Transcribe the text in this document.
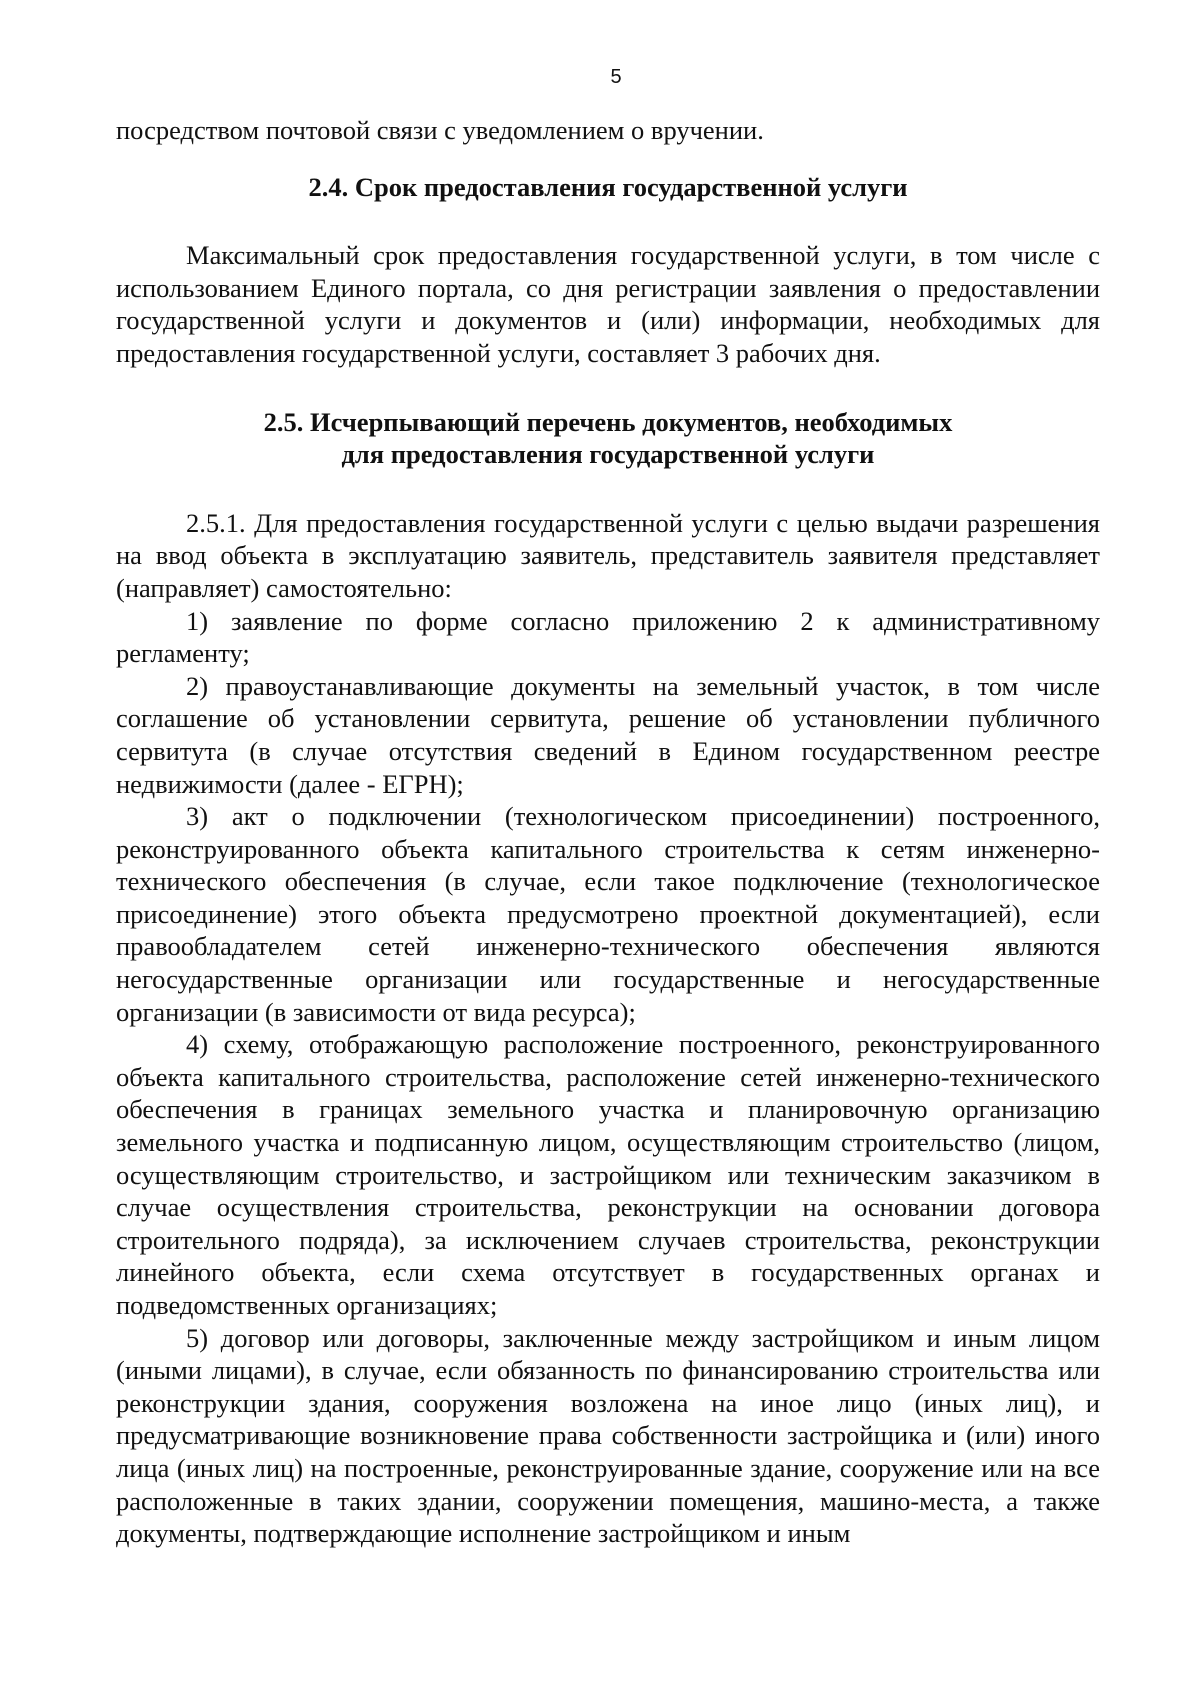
5

посредством почтовой связи с уведомлением о вручении.

2.4. Срок предоставления государственной услуги

Максимальный срок предоставления государственной услуги, в том числе с использованием Единого портала, со дня регистрации заявления о предоставлении государственной услуги и документов и (или) информации, необходимых для предоставления государственной услуги, составляет 3 рабочих дня.

2.5. Исчерпывающий перечень документов, необходимых

для предоставления государственной услуги

2.5.1. Для предоставления государственной услуги с целью выдачи разрешения на ввод объекта в эксплуатацию заявитель, представитель заявителя представляет (направляет) самостоятельно:

1) заявление по форме согласно приложению 2 к административному регламенту;

2) правоустанавливающие документы на земельный участок, в том числе соглашение об установлении сервитута, решение об установлении публичного сервитута (в случае отсутствия сведений в Едином государственном реестре недвижимости (далее - ЕГРН);

3) акт о подключении (технологическом присоединении) построенного, реконструированного объекта капитального строительства к сетям инженерно-технического обеспечения (в случае, если такое подключение (технологическое присоединение) этого объекта предусмотрено проектной документацией), если правообладателем сетей инженерно-технического обеспечения являются негосударственные организации или государственные и негосударственные организации (в зависимости от вида ресурса);

4) схему, отображающую расположение построенного, реконструированного объекта капитального строительства, расположение сетей инженерно-технического обеспечения в границах земельного участка и планировочную организацию земельного участка и подписанную лицом, осуществляющим строительство (лицом, осуществляющим строительство, и застройщиком или техническим заказчиком в случае осуществления строительства, реконструкции на основании договора строительного подряда), за исключением случаев строительства, реконструкции линейного объекта, если схема отсутствует в государственных органах и подведомственных организациях;

5) договор или договоры, заключенные между застройщиком и иным лицом (иными лицами), в случае, если обязанность по финансированию строительства или реконструкции здания, сооружения возложена на иное лицо (иных лиц), и предусматривающие возникновение права собственности застройщика и (или) иного лица (иных лиц) на построенные, реконструированные здание, сооружение или на все расположенные в таких здании, сооружении помещения, машино-места, а также документы, подтверждающие исполнение застройщиком и иным
